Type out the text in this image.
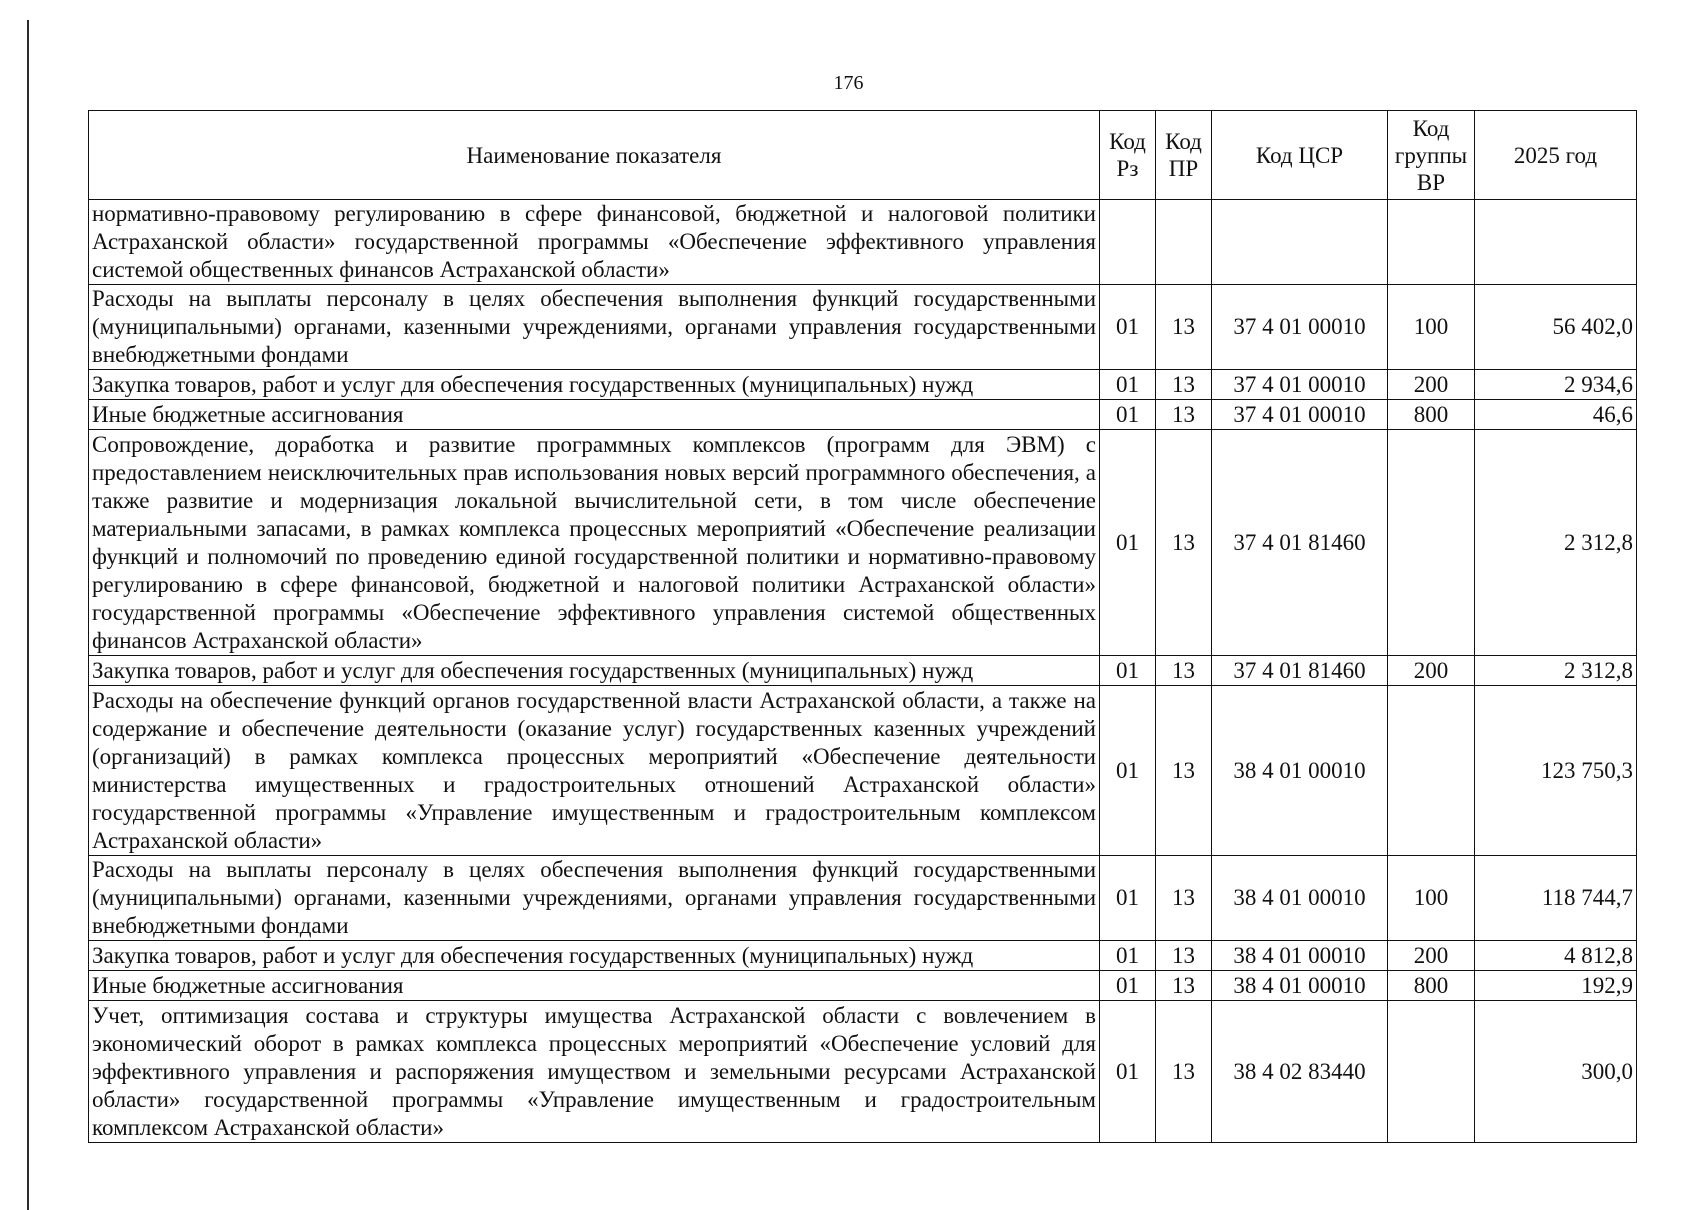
176
Наименование показателя	Код Рз	Код ПР	Код ЦСР	Код группы ВР	2025 год
нормативно-правовому регулированию в сфере финансовой, бюджетной и налоговой политики Астраханской области» государственной программы «Обеспечение эффективного управления системой общественных финансов Астраханской области»					
Расходы на выплаты персоналу в целях обеспечения выполнения функций государственными (муниципальными) органами, казенными учреждениями, органами управления государственными внебюджетными фондами	01	13	37 4 01 00010	100	56 402,0
Закупка товаров, работ и услуг для обеспечения государственных (муниципальных) нужд	01	13	37 4 01 00010	200	2 934,6
Иные бюджетные ассигнования	01	13	37 4 01 00010	800	46,6
Сопровождение, доработка и развитие программных комплексов (программ для ЭВМ) с предоставлением неисключительных прав использования новых версий программного обеспечения, а также развитие и модернизация локальной вычислительной сети, в том числе обеспечение материальными запасами, в рамках комплекса процессных мероприятий «Обеспечение реализации функций и полномочий по проведению единой государственной политики и нормативно-правовому регулированию в сфере финансовой, бюджетной и налоговой политики Астраханской области» государственной программы «Обеспечение эффективного управления системой общественных финансов Астраханской области»	01	13	37 4 01 81460		2 312,8
Закупка товаров, работ и услуг для обеспечения государственных (муниципальных) нужд	01	13	37 4 01 81460	200	2 312,8
Расходы на обеспечение функций органов государственной власти Астраханской области, а также на содержание и обеспечение деятельности (оказание услуг) государственных казенных учреждений (организаций) в рамках комплекса процессных мероприятий «Обеспечение деятельности министерства имущественных и градостроительных отношений Астраханской области» государственной программы «Управление имущественным и градостроительным комплексом Астраханской области»	01	13	38 4 01 00010		123 750,3
Расходы на выплаты персоналу в целях обеспечения выполнения функций государственными (муниципальными) органами, казенными учреждениями, органами управления государственными внебюджетными фондами	01	13	38 4 01 00010	100	118 744,7
Закупка товаров, работ и услуг для обеспечения государственных (муниципальных) нужд	01	13	38 4 01 00010	200	4 812,8
Иные бюджетные ассигнования	01	13	38 4 01 00010	800	192,9
Учет, оптимизация состава и структуры имущества Астраханской области с вовлечением в экономический оборот в рамках комплекса процессных мероприятий «Обеспечение условий для эффективного управления и распоряжения имуществом и земельными ресурсами Астраханской области» государственной программы «Управление имущественным и градостроительным комплексом Астраханской области»	01	13	38 4 02 83440		300,0
